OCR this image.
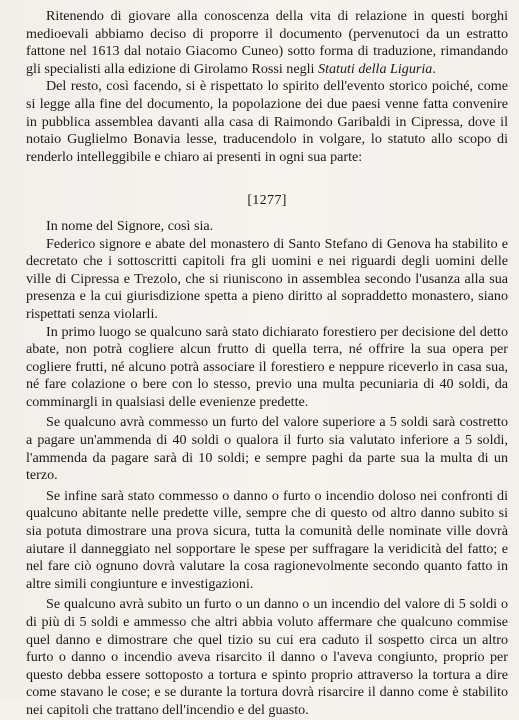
Ritenendo di giovare alla conoscenza della vita di relazione in questi borghi medioevali abbiamo deciso di proporre il documento (pervenutoci da un estratto fattone nel 1613 dal notaio Giacomo Cuneo) sotto forma di traduzione, rimandando gli specialisti alla edizione di Girolamo Rossi negli Statuti della Liguria.

Del resto, così facendo, si è rispettato lo spirito dell'evento storico poiché, come si legge alla fine del documento, la popolazione dei due paesi venne fatta convenire in pubblica assemblea davanti alla casa di Raimondo Garibaldi in Cipressa, dove il notaio Guglielmo Bonavia lesse, traducendolo in volgare, lo statuto allo scopo di renderlo intelleggibile e chiaro ai presenti in ogni sua parte:

[1277]

In nome del Signore, così sia.

Federico signore e abate del monastero di Santo Stefano di Genova ha stabilito e decretato che i sottoscritti capitoli fra gli uomini e nei riguardi degli uomini delle ville di Cipressa e Trezolo, che si riuniscono in assemblea secondo l'usanza alla sua presenza e la cui giurisdizione spetta a pieno diritto al sopraddetto monastero, siano rispettati senza violarli.

In primo luogo se qualcuno sarà stato dichiarato forestiero per decisione del detto abate, non potrà cogliere alcun frutto di quella terra, né offrire la sua opera per cogliere frutti, né alcuno potrà associare il forestiero e neppure riceverlo in casa sua, né fare colazione o bere con lo stesso, previo una multa pecuniaria di 40 soldi, da comminargli in qualsiasi delle evenienze predette.

Se qualcuno avrà commesso un furto del valore superiore a 5 soldi sarà costretto a pagare un'ammenda di 40 soldi o qualora il furto sia valutato inferiore a 5 soldi, l'ammenda da pagare sarà di 10 soldi; e sempre paghi da parte sua la multa di un terzo.

Se infine sarà stato commesso o danno o furto o incendio doloso nei confronti di qualcuno abitante nelle predette ville, sempre che di questo od altro danno subito si sia potuta dimostrare una prova sicura, tutta la comunità delle nominate ville dovrà aiutare il danneggiato nel sopportare le spese per suffragare la veridicità del fatto; e nel fare ciò ognuno dovrà valutare la cosa ragionevolmente secondo quanto fatto in altre simili congiunture e investigazioni.

Se qualcuno avrà subito un furto o un danno o un incendio del valore di 5 soldi o di più di 5 soldi e ammesso che altri abbia voluto affermare che qualcuno commise quel danno e dimostrare che quel tizio su cui era caduto il sospetto circa un altro furto o danno o incendio aveva risarcito il danno o l'aveva congiunto, proprio per questo debba essere sottoposto a tortura e spinto proprio attraverso la tortura a dire come stavano le cose; e se durante la tortura dovrà risarcire il danno come è stabilito nei capitoli che trattano dell'incendio e del guasto.
